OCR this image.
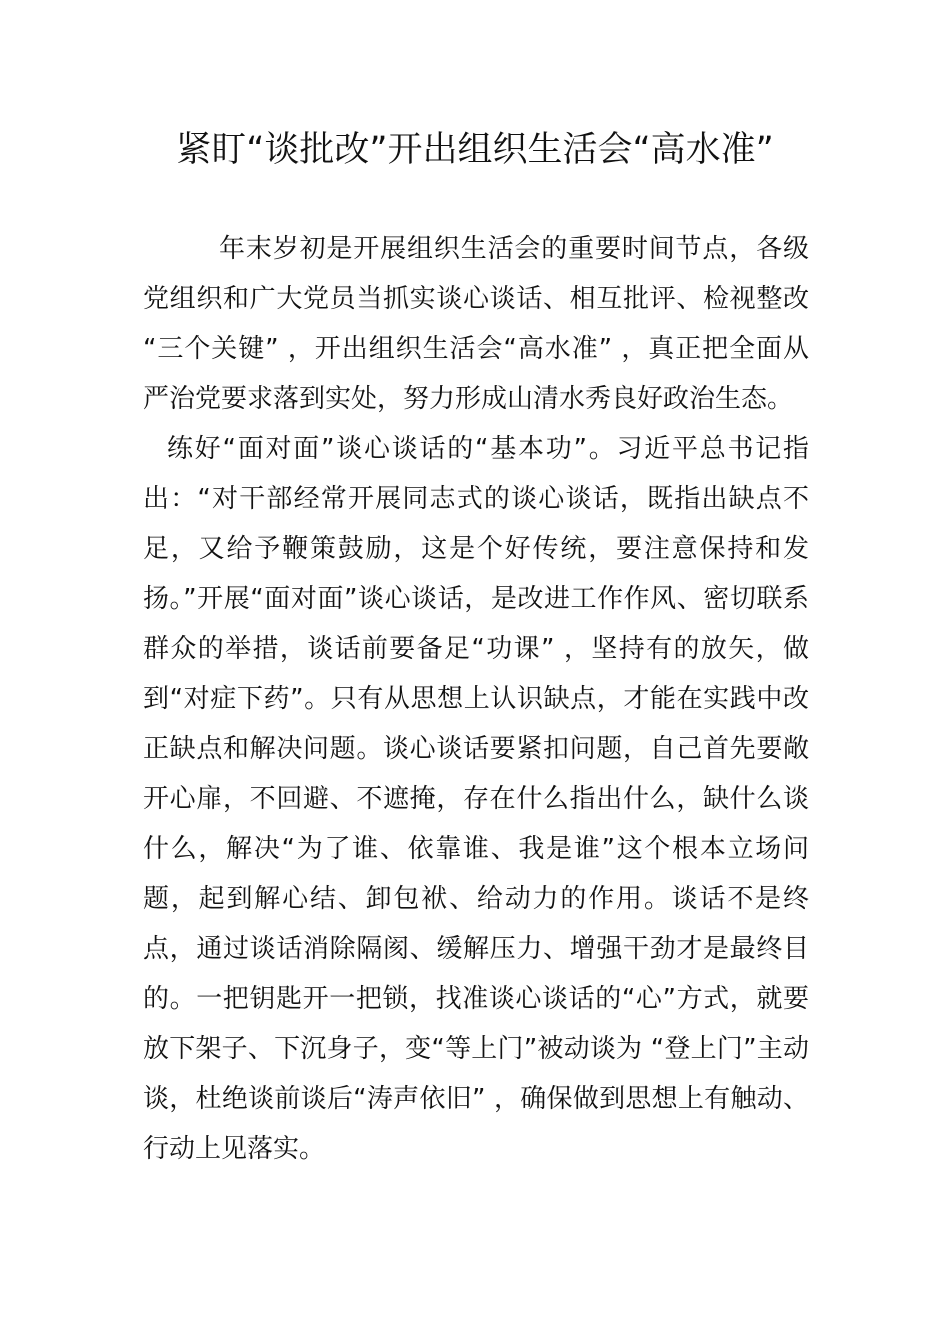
紧盯“谈批改”开出组织生活会“高水准”

年末岁初是开展组织生活会的重要时间节点，各级党组织和广大党员当抓实谈心谈话、相互批评、检视整改 “三个关键” ，开出组织生活会“高水准” ，真正把全面从严治党要求落到实处，努力形成山清水秀良好政治生态。

练好“面对面”谈心谈话的“基本功”。习近平总书记指出：“对干部经常开展同志式的谈心谈话，既指出缺点不足，又给予鞭策鼓励，这是个好传统，要注意保持和发扬。”开展“面对面”谈心谈话，是改进工作作风、密切联系群众的举措，谈话前要备足“功课” ，坚持有的放矢，做到“对症下药”。只有从思想上认识缺点，才能在实践中改正缺点和解决问题。谈心谈话要紧扣问题，自己首先要敞开心扉，不回避、不遮掩，存在什么指出什么，缺什么谈什么，解决“为了谁、依靠谁、我是谁”这个根本立场问题，起到解心结、卸包袱、给动力的作用。谈话不是终点，通过谈话消除隔阂、缓解压力、增强干劲才是最终目的。一把钥匙开一把锁，找准谈心谈话的“心”方式，就要放下架子、下沉身子，变“等上门”被动谈为 “登上门”主动谈，杜绝谈前谈后“涛声依旧” ，确保做到思想上有触动、行动上见落实。
